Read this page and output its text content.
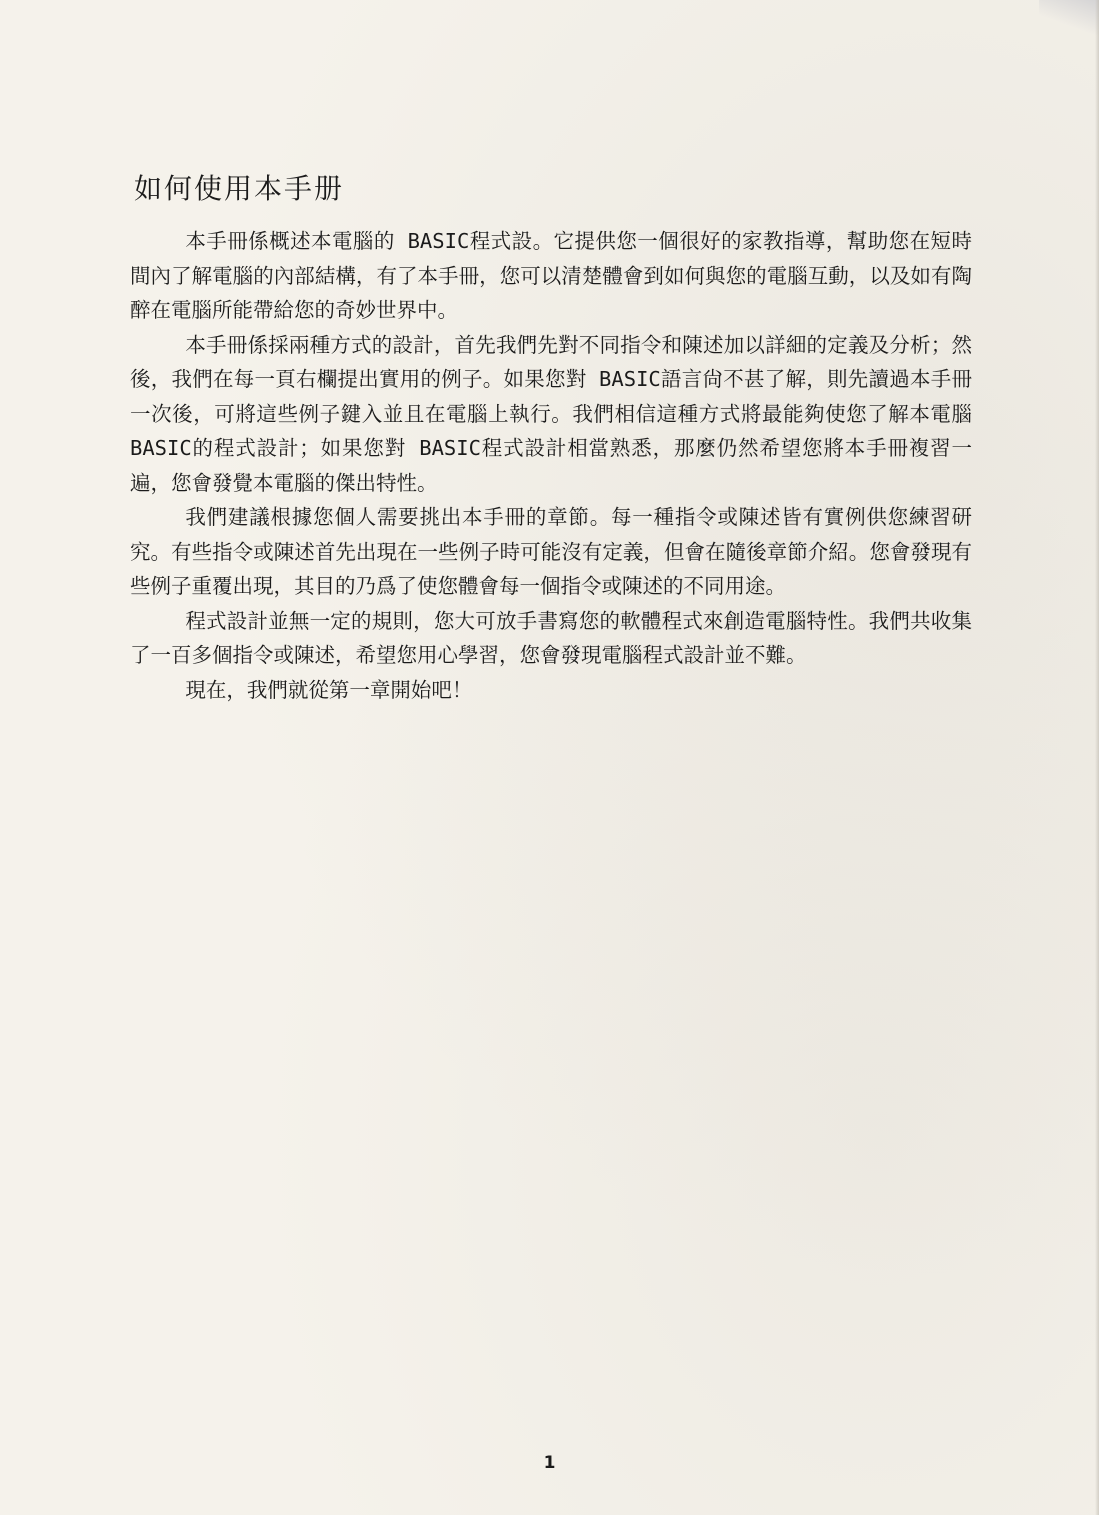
如何使用本手册

本手冊係概述本電腦的 BASIC程式設。它提供您一個很好的家教指導，幫助您在短時間內了解電腦的內部結構，有了本手冊，您可以清楚體會到如何與您的電腦互動，以及如有陶醉在電腦所能帶給您的奇妙世界中。

本手冊係採兩種方式的設計，首先我們先對不同指令和陳述加以詳細的定義及分析；然後，我們在每一頁右欄提出實用的例子。如果您對 BASIC語言尙不甚了解，則先讀過本手冊一次後，可將這些例子鍵入並且在電腦上執行。我們相信這種方式將最能夠使您了解本電腦 BASIC的程式設計；如果您對 BASIC程式設計相當熟悉，那麼仍然希望您將本手冊複習一遍，您會發覺本電腦的傑出特性。

我們建議根據您個人需要挑出本手冊的章節。每一種指令或陳述皆有實例供您練習研究。有些指令或陳述首先出現在一些例子時可能沒有定義，但會在隨後章節介紹。您會發現有些例子重覆出現，其目的乃爲了使您體會每一個指令或陳述的不同用途。

程式設計並無一定的規則，您大可放手書寫您的軟體程式來創造電腦特性。我們共收集了一百多個指令或陳述，希望您用心學習，您會發現電腦程式設計並不難。

現在，我們就從第一章開始吧！

1
